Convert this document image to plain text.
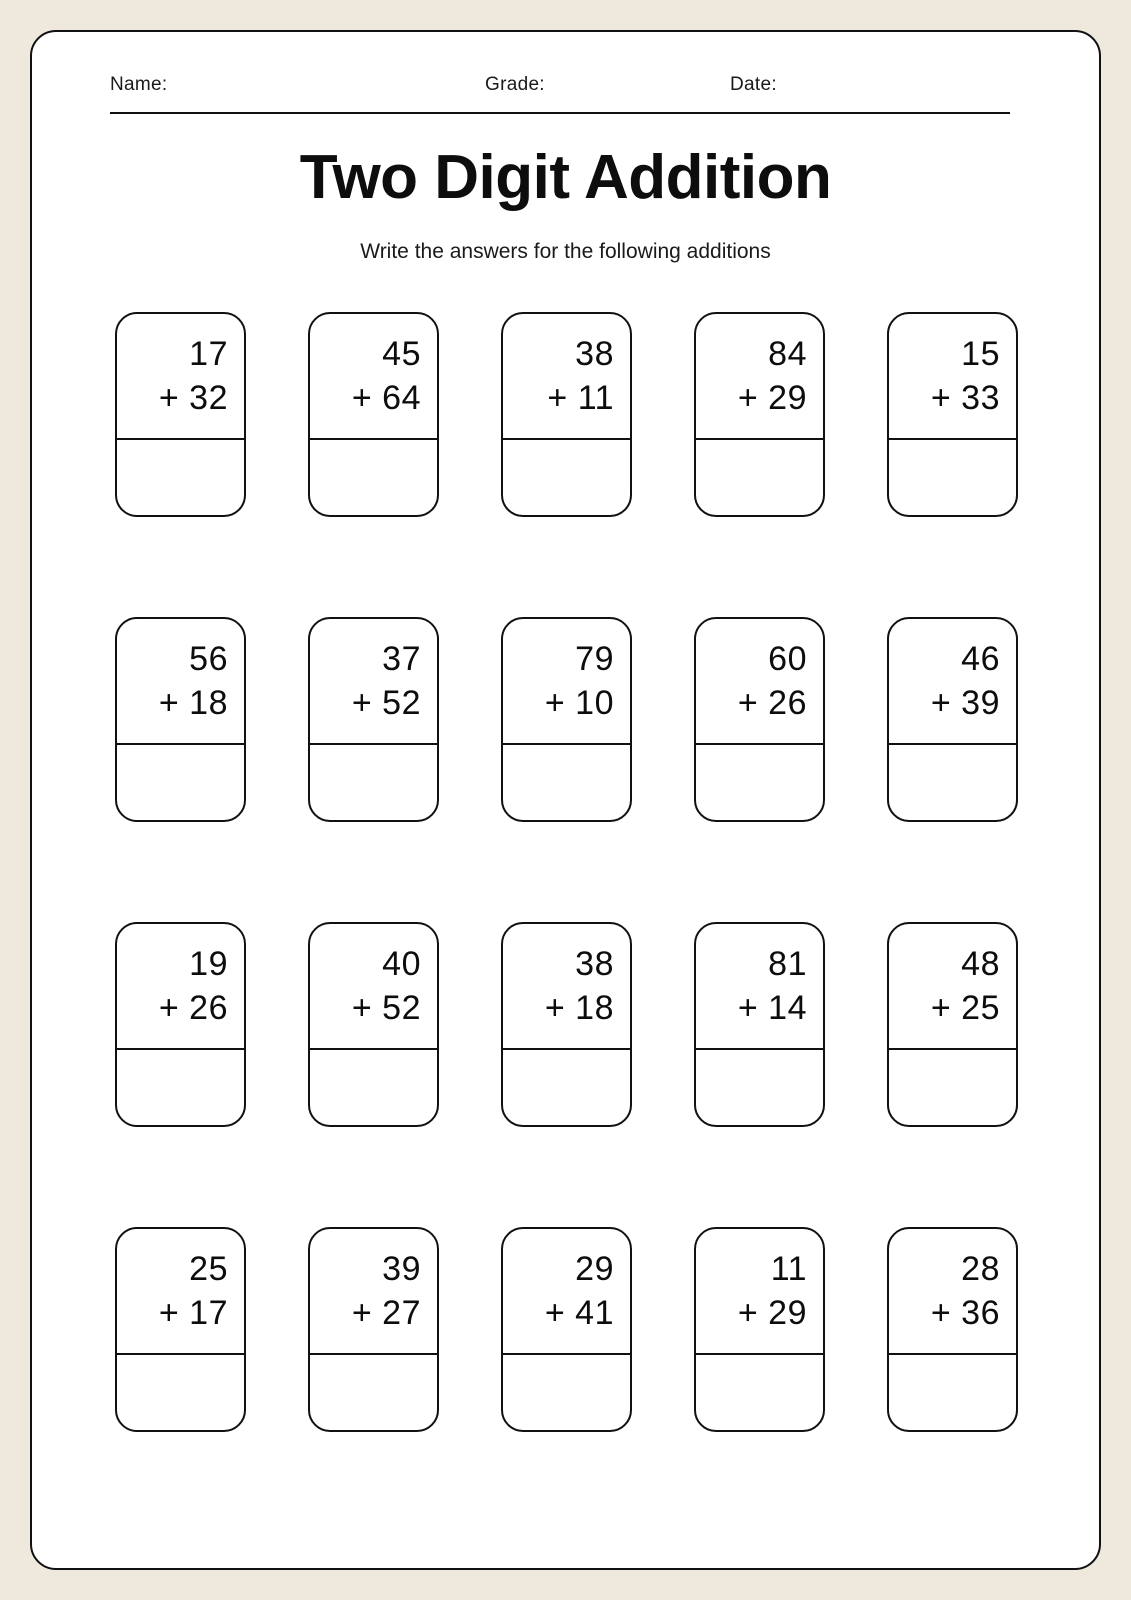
Name:	Grade:	Date:
Two Digit Addition
Write the answers for the following additions
17
+ 32
45
+ 64
38
+ 11
84
+ 29
15
+ 33
56
+ 18
37
+ 52
79
+ 10
60
+ 26
46
+ 39
19
+ 26
40
+ 52
38
+ 18
81
+ 14
48
+ 25
25
+ 17
39
+ 27
29
+ 41
11
+ 29
28
+ 36
